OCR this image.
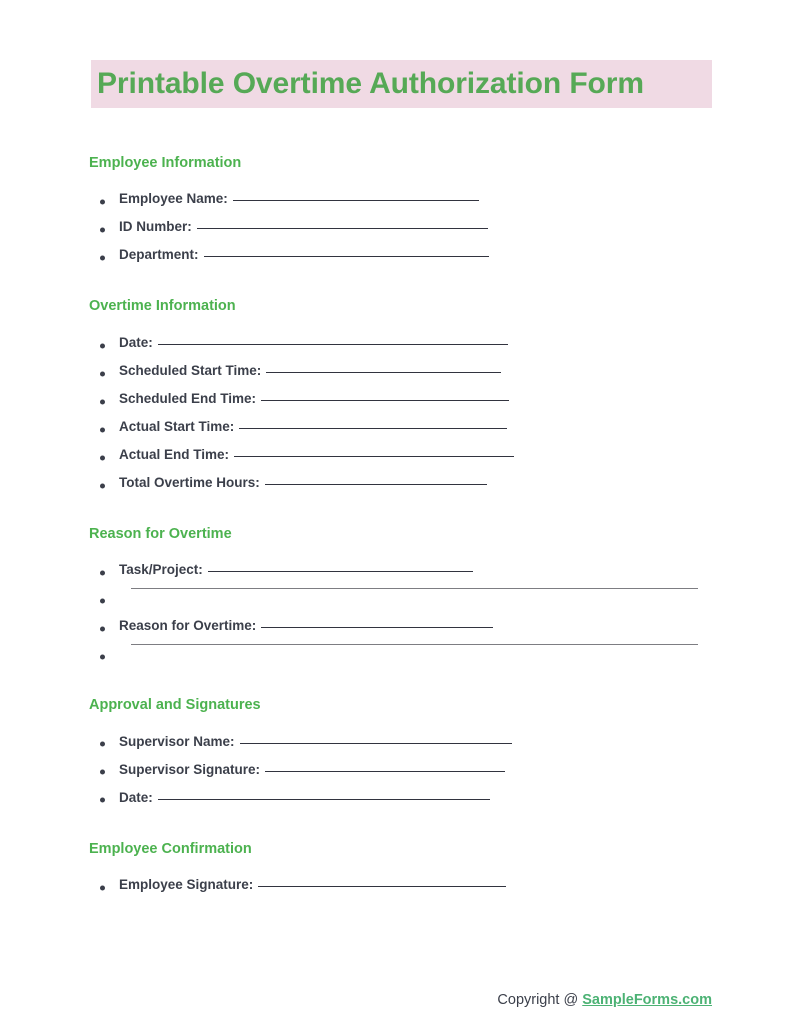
Printable Overtime Authorization Form
Employee Information
Employee Name:
ID Number:
Department:
Overtime Information
Date:
Scheduled Start Time:
Scheduled End Time:
Actual Start Time:
Actual End Time:
Total Overtime Hours:
Reason for Overtime
Task/Project:
Reason for Overtime:
Approval and Signatures
Supervisor Name:
Supervisor Signature:
Date:
Employee Confirmation
Employee Signature:
Copyright @ SampleForms.com
